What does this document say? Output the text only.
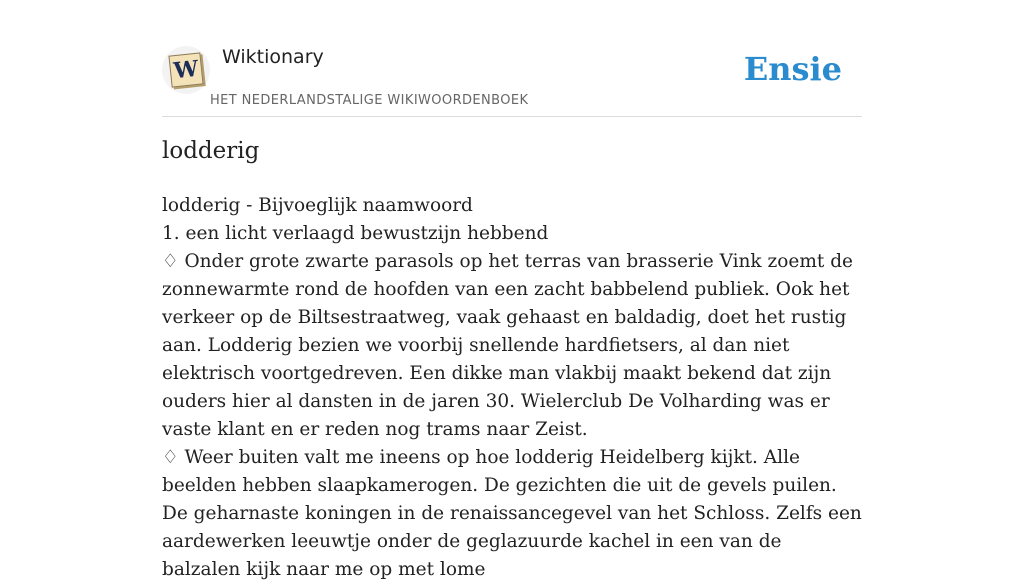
W Wiktionary
HET NEDERLANDSTALIGE WIKIWOORDENBOEK
Ensie
lodderig

lodderig - Bijvoeglijk naamwoord

1. een licht verlaagd bewustzijn hebbend

♢ Onder grote zwarte parasols op het terras van brasserie Vink zoemt de zonnewarmte rond de hoofden van een zacht babbelend publiek. Ook het verkeer op de Biltsestraatweg, vaak gehaast en baldadig, doet het rustig aan. Lodderig bezien we voorbij snellende hardfietsers, al dan niet elektrisch voortgedreven. Een dikke man vlakbij maakt bekend dat zijn ouders hier al dansten in de jaren 30. Wielerclub De Volharding was er vaste klant en er reden nog trams naar Zeist.

♢ Weer buiten valt me ineens op hoe lodderig Heidelberg kijkt. Alle beelden hebben slaapkamerogen. De gezichten die uit de gevels puilen. De geharnaste koningen in de renaissancegevel van het Schloss. Zelfs een aardewerken leeuwtje onder de geglazuurde kachel in een van de balzalen kijk naar me op met lome
